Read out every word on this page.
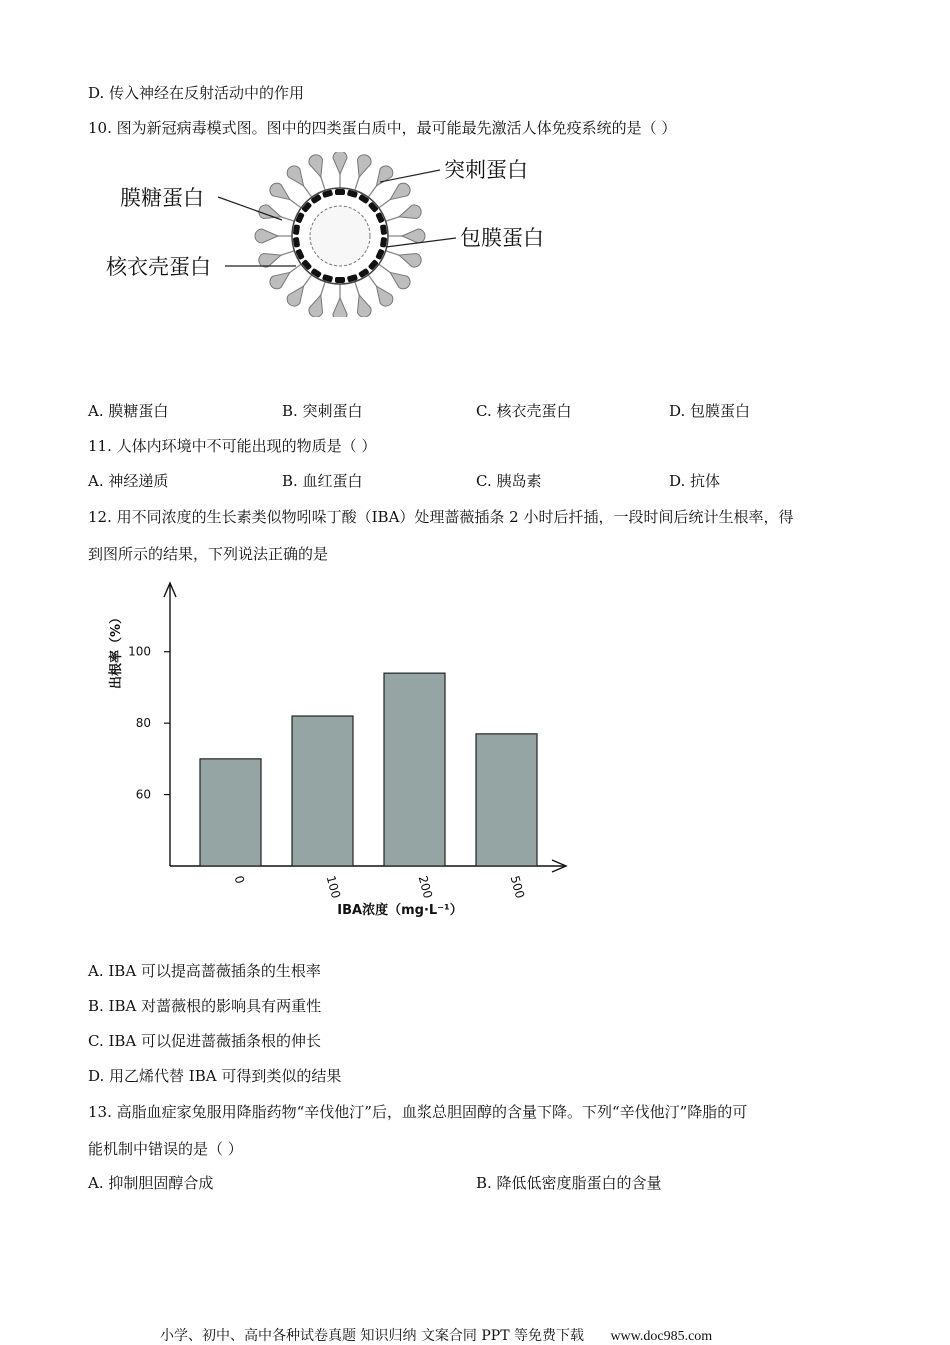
D. 传入神经在反射活动中的作用
10. 图为新冠病毒模式图。图中的四类蛋白质中，最可能最先激活人体免疫系统的是（ ）
突刺蛋白
膜糖蛋白
包膜蛋白
核衣壳蛋白
A. 膜糖蛋白	B. 突刺蛋白	C. 核衣壳蛋白	D. 包膜蛋白
11. 人体内环境中不可能出现的物质是（ ）
A. 神经递质	B. 血红蛋白	C. 胰岛素	D. 抗体
12. 用不同浓度的生长素类似物吲哚丁酸（IBA）处理蔷薇插条 2 小时后扦插，一段时间后统计生根率，得
到图所示的结果，下列说法正确的是
60
80
100
0	100	200	500
出根率（%）
IBA浓度（mg·L⁻¹）
A. IBA 可以提高蔷薇插条的生根率
B. IBA 对蔷薇根的影响具有两重性
C. IBA 可以促进蔷薇插条根的伸长
D. 用乙烯代替 IBA 可得到类似的结果
13. 高脂血症家兔服用降脂药物“辛伐他汀”后，血浆总胆固醇的含量下降。下列“辛伐他汀”降脂的可
能机制中错误的是（ ）
A. 抑制胆固醇合成	B. 降低低密度脂蛋白的含量
小学、初中、高中各种试卷真题 知识归纳 文案合同 PPT 等免费下载 www.doc985.com
